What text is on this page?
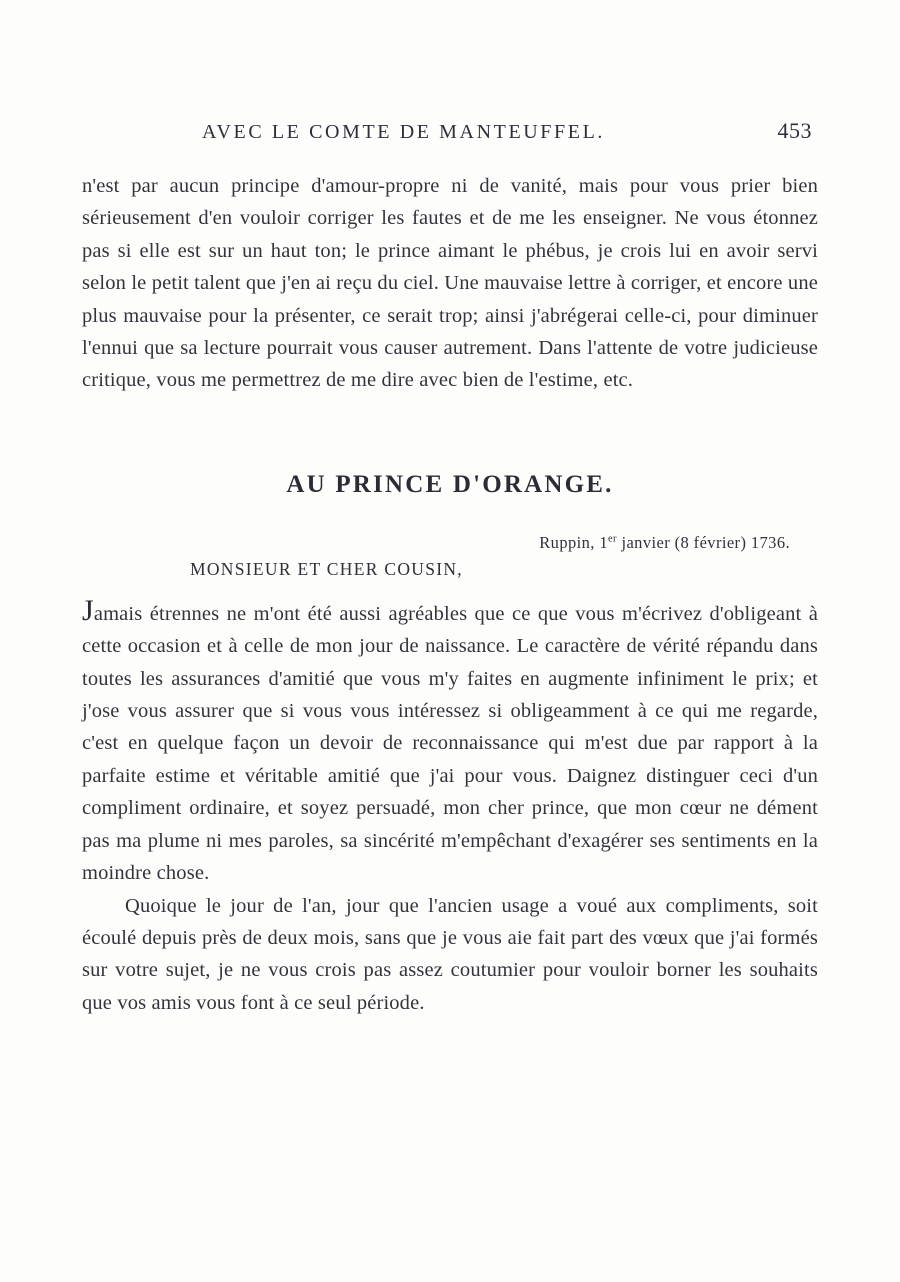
AVEC LE COMTE DE MANTEUFFEL.	453

n'est par aucun principe d'amour-propre ni de vanité, mais pour vous prier bien sérieusement d'en vouloir corriger les fautes et de me les enseigner. Ne vous étonnez pas si elle est sur un haut ton; le prince aimant le phébus, je crois lui en avoir servi selon le petit talent que j'en ai reçu du ciel. Une mauvaise lettre à corriger, et encore une plus mauvaise pour la présenter, ce serait trop; ainsi j'abrégerai celle-ci, pour diminuer l'ennui que sa lecture pourrait vous causer autrement. Dans l'attente de votre judicieuse critique, vous me permettrez de me dire avec bien de l'estime, etc.

AU PRINCE D'ORANGE.
Ruppin, 1er janvier (8 février) 1736.
MONSIEUR ET CHER COUSIN,

Jamais étrennes ne m'ont été aussi agréables que ce que vous m'écrivez d'obligeant à cette occasion et à celle de mon jour de naissance. Le caractère de vérité répandu dans toutes les assurances d'amitié que vous m'y faites en augmente infiniment le prix; et j'ose vous assurer que si vous vous intéressez si obligeamment à ce qui me regarde, c'est en quelque façon un devoir de reconnaissance qui m'est due par rapport à la parfaite estime et véritable amitié que j'ai pour vous. Daignez distinguer ceci d'un compliment ordinaire, et soyez persuadé, mon cher prince, que mon cœur ne dément pas ma plume ni mes paroles, sa sincérité m'empêchant d'exagérer ses sentiments en la moindre chose.

Quoique le jour de l'an, jour que l'ancien usage a voué aux compliments, soit écoulé depuis près de deux mois, sans que je vous aie fait part des vœux que j'ai formés sur votre sujet, je ne vous crois pas assez coutumier pour vouloir borner les souhaits que vos amis vous font à ce seul période.
